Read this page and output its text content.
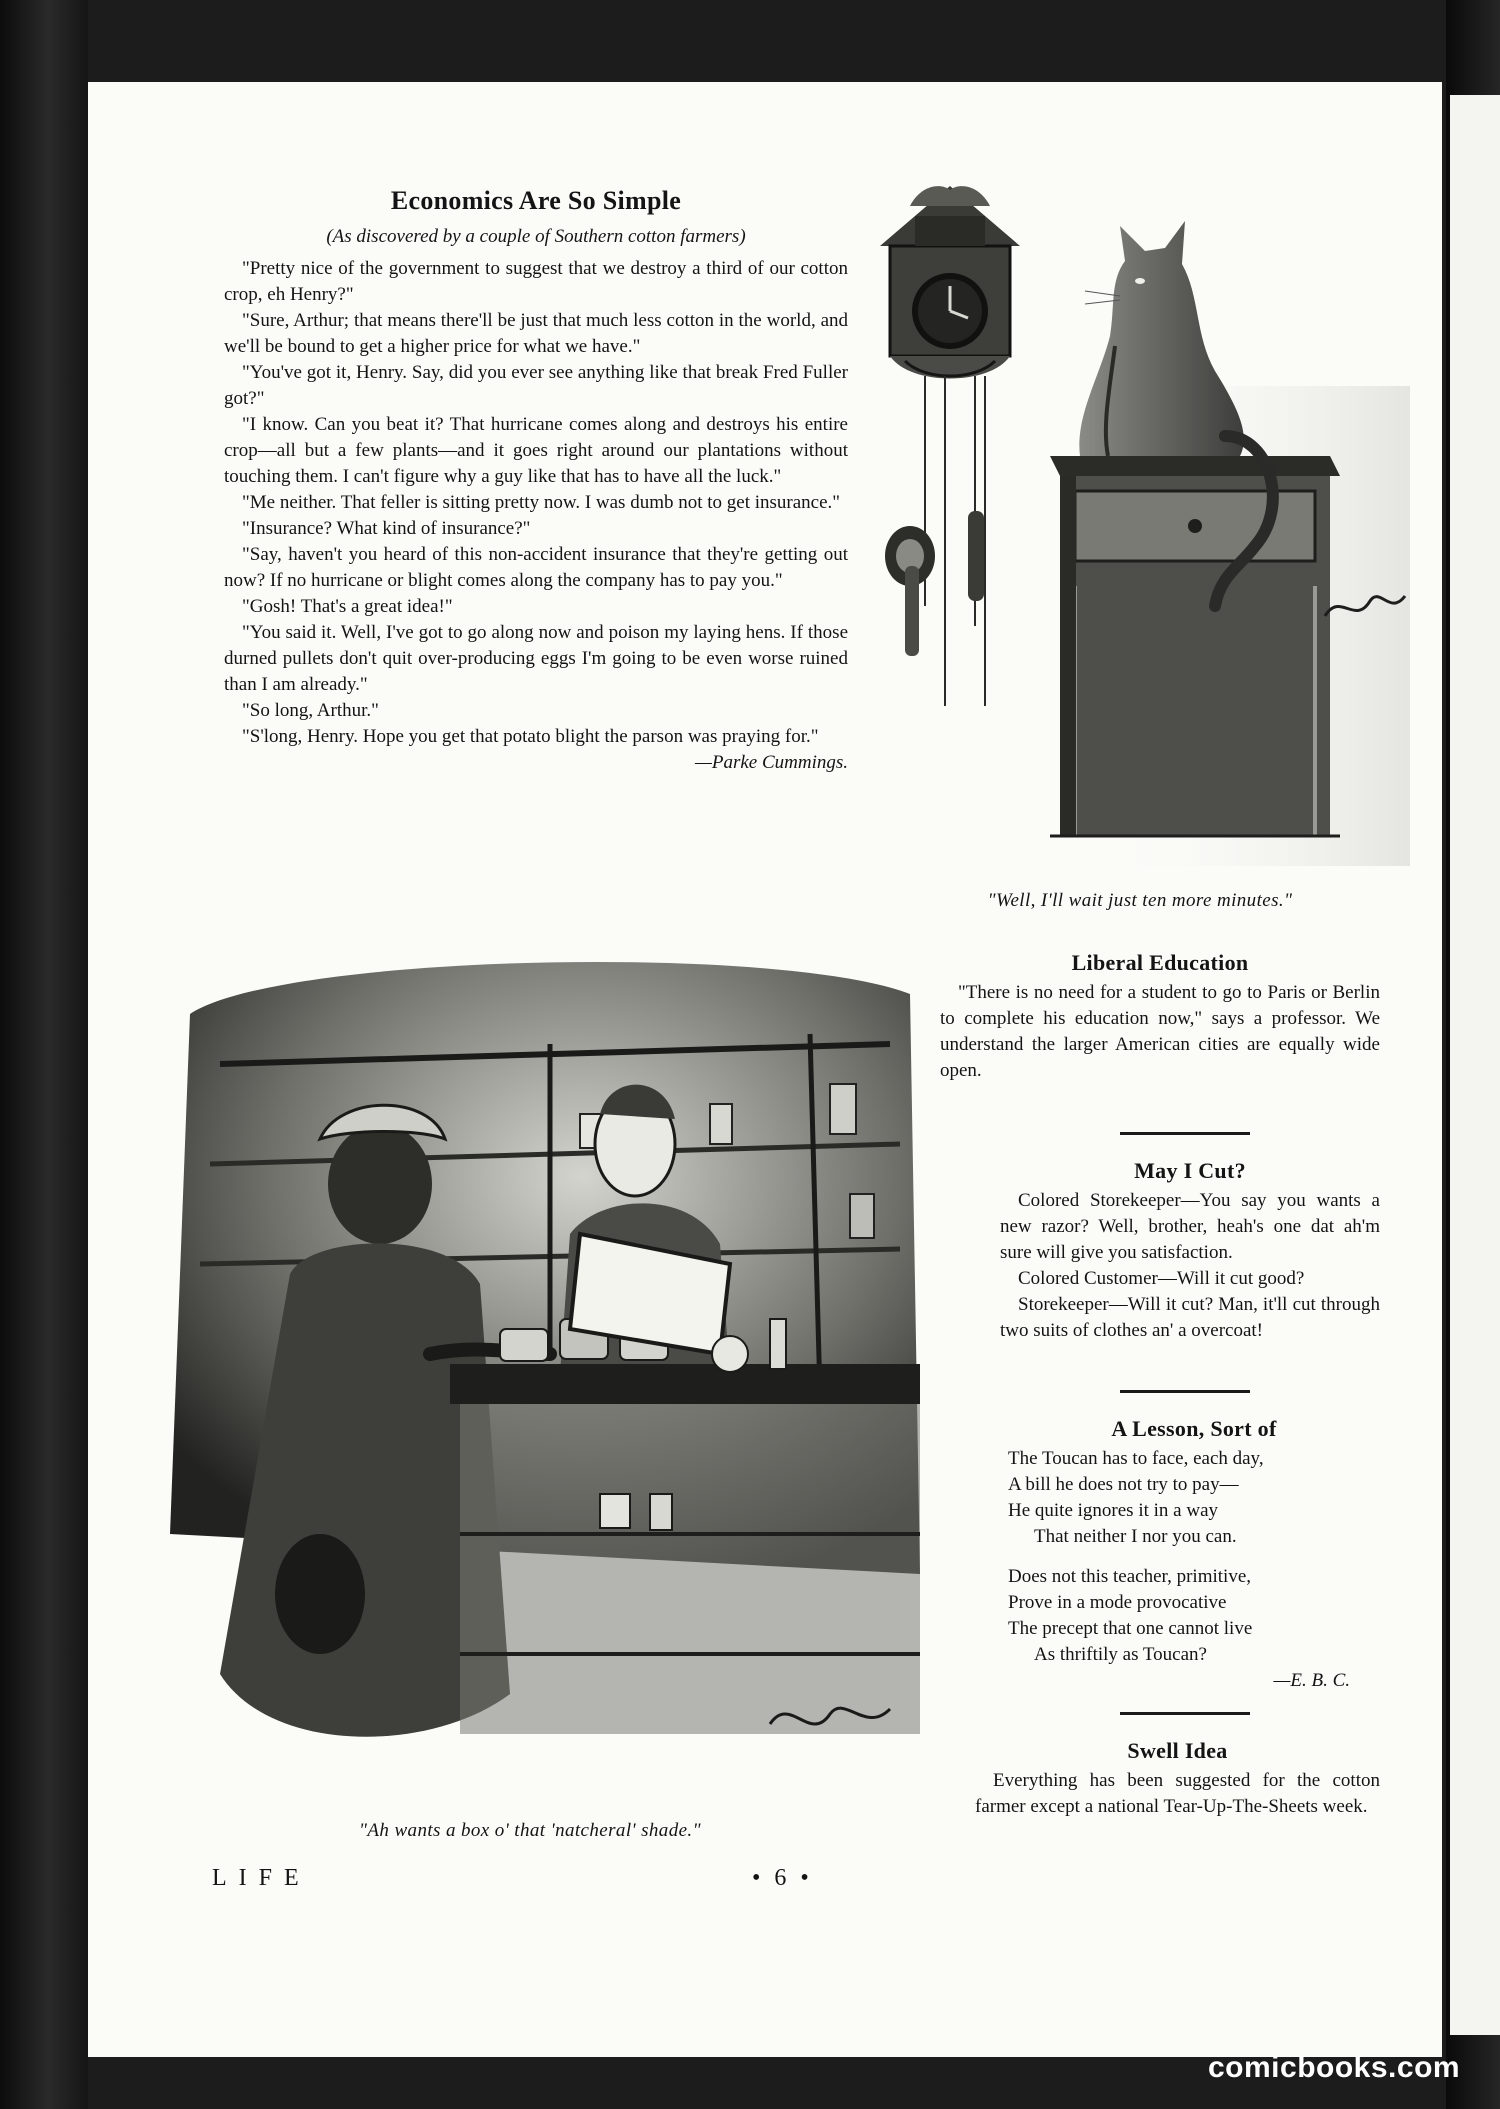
Economics Are So Simple
(As discovered by a couple of Southern cotton farmers)

"Pretty nice of the government to suggest that we destroy a third of our cotton crop, eh Henry?"

"Sure, Arthur; that means there'll be just that much less cotton in the world, and we'll be bound to get a higher price for what we have."

"You've got it, Henry. Say, did you ever see anything like that break Fred Fuller got?"

"I know. Can you beat it? That hurricane comes along and destroys his entire crop—all but a few plants—and it goes right around our plantations without touching them. I can't figure why a guy like that has to have all the luck."

"Me neither. That feller is sitting pretty now. I was dumb not to get insurance."

"Insurance? What kind of insurance?"

"Say, haven't you heard of this non-accident insurance that they're getting out now? If no hurricane or blight comes along the company has to pay you."

"Gosh! That's a great idea!"

"You said it. Well, I've got to go along now and poison my laying hens. If those durned pullets don't quit over-producing eggs I'm going to be even worse ruined than I am already."

"So long, Arthur."

"S'long, Henry. Hope you get that potato blight the parson was praying for."

—Parke Cummings.

"Well, I'll wait just ten more minutes."
"Ah wants a box o' that 'natcheral' shade."
Liberal Education

"There is no need for a student to go to Paris or Berlin to complete his education now," says a professor. We understand the larger American cities are equally wide open.

May I Cut?

Colored Storekeeper—You say you wants a new razor? Well, brother, heah's one dat ah'm sure will give you satisfaction.

Colored Customer—Will it cut good?

Storekeeper—Will it cut? Man, it'll cut through two suits of clothes an' a overcoat!

A Lesson, Sort of

The Toucan has to face, each day,

A bill he does not try to pay—

He quite ignores it in a way

That neither I nor you can.

Does not this teacher, primitive,

Prove in a mode provocative

The precept that one cannot live

As thriftily as Toucan?

—E. B. C.

Swell Idea

Everything has been suggested for the cotton farmer except a national Tear-Up-The-Sheets week.

LIFE	• 6 •
comicbooks.com
